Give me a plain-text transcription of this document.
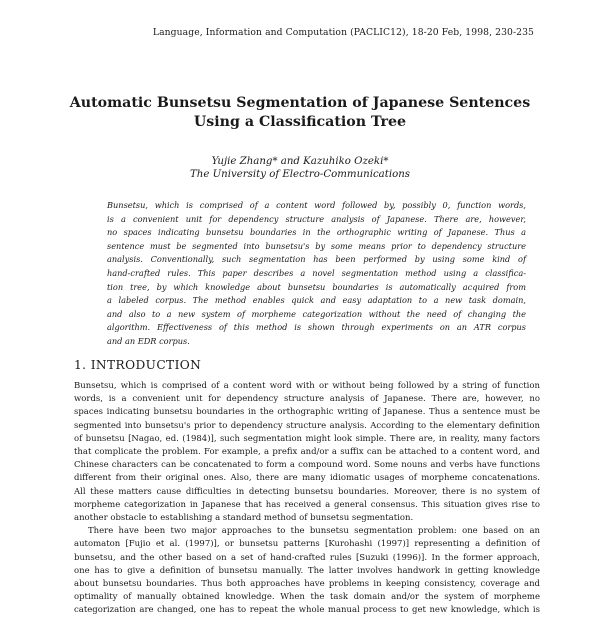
Language, Information and Computation (PACLIC12), 18-20 Feb, 1998, 230-235
Automatic Bunsetsu Segmentation of Japanese Sentences
Using a Classification Tree
Yujie Zhang* and Kazuhiko Ozeki*
The University of Electro-Communications
Bunsetsu, which is comprised of a content word followed by, possibly 0, function words,
is a convenient unit for dependency structure analysis of Japanese. There are, however,
no spaces indicating bunsetsu boundaries in the orthographic writing of Japanese. Thus a
sentence must be segmented into bunsetsu's by some means prior to dependency structure
analysis. Conventionally, such segmentation has been performed by using some kind of
hand-crafted rules. This paper describes a novel segmentation method using a classifica-
tion tree, by which knowledge about bunsetsu boundaries is automatically acquired from
a labeled corpus. The method enables quick and easy adaptation to a new task domain,
and also to a new system of morpheme categorization without the need of changing the
algorithm. Effectiveness of this method is shown through experiments on an ATR corpus
and an EDR corpus.
1. INTRODUCTION
Bunsetsu, which is comprised of a content word with or without being followed by a string of function
words, is a convenient unit for dependency structure analysis of Japanese. There are, however, no
spaces indicating bunsetsu boundaries in the orthographic writing of Japanese. Thus a sentence must be
segmented into bunsetsu's prior to dependency structure analysis. According to the elementary definition
of bunsetsu [Nagao, ed. (1984)], such segmentation might look simple. There are, in reality, many factors
that complicate the problem. For example, a prefix and/or a suffix can be attached to a content word, and
Chinese characters can be concatenated to form a compound word. Some nouns and verbs have functions
different from their original ones. Also, there are many idiomatic usages of morpheme concatenations.
All these matters cause difficulties in detecting bunsetsu boundaries. Moreover, there is no system of
morpheme categorization in Japanese that has received a general consensus. This situation gives rise to
another obstacle to establishing a standard method of bunsetsu segmentation.
There have been two major approaches to the bunsetsu segmentation problem: one based on an
automaton [Fujio et al. (1997)], or bunsetsu patterns [Kurohashi (1997)] representing a definition of
bunsetsu, and the other based on a set of hand-crafted rules [Suzuki (1996)]. In the former approach,
one has to give a definition of bunsetsu manually. The latter involves handwork in getting knowledge
about bunsetsu boundaries. Thus both approaches have problems in keeping consistency, coverage and
optimality of manually obtained knowledge. When the task domain and/or the system of morpheme
categorization are changed, one has to repeat the whole manual process to get new knowledge, which is
